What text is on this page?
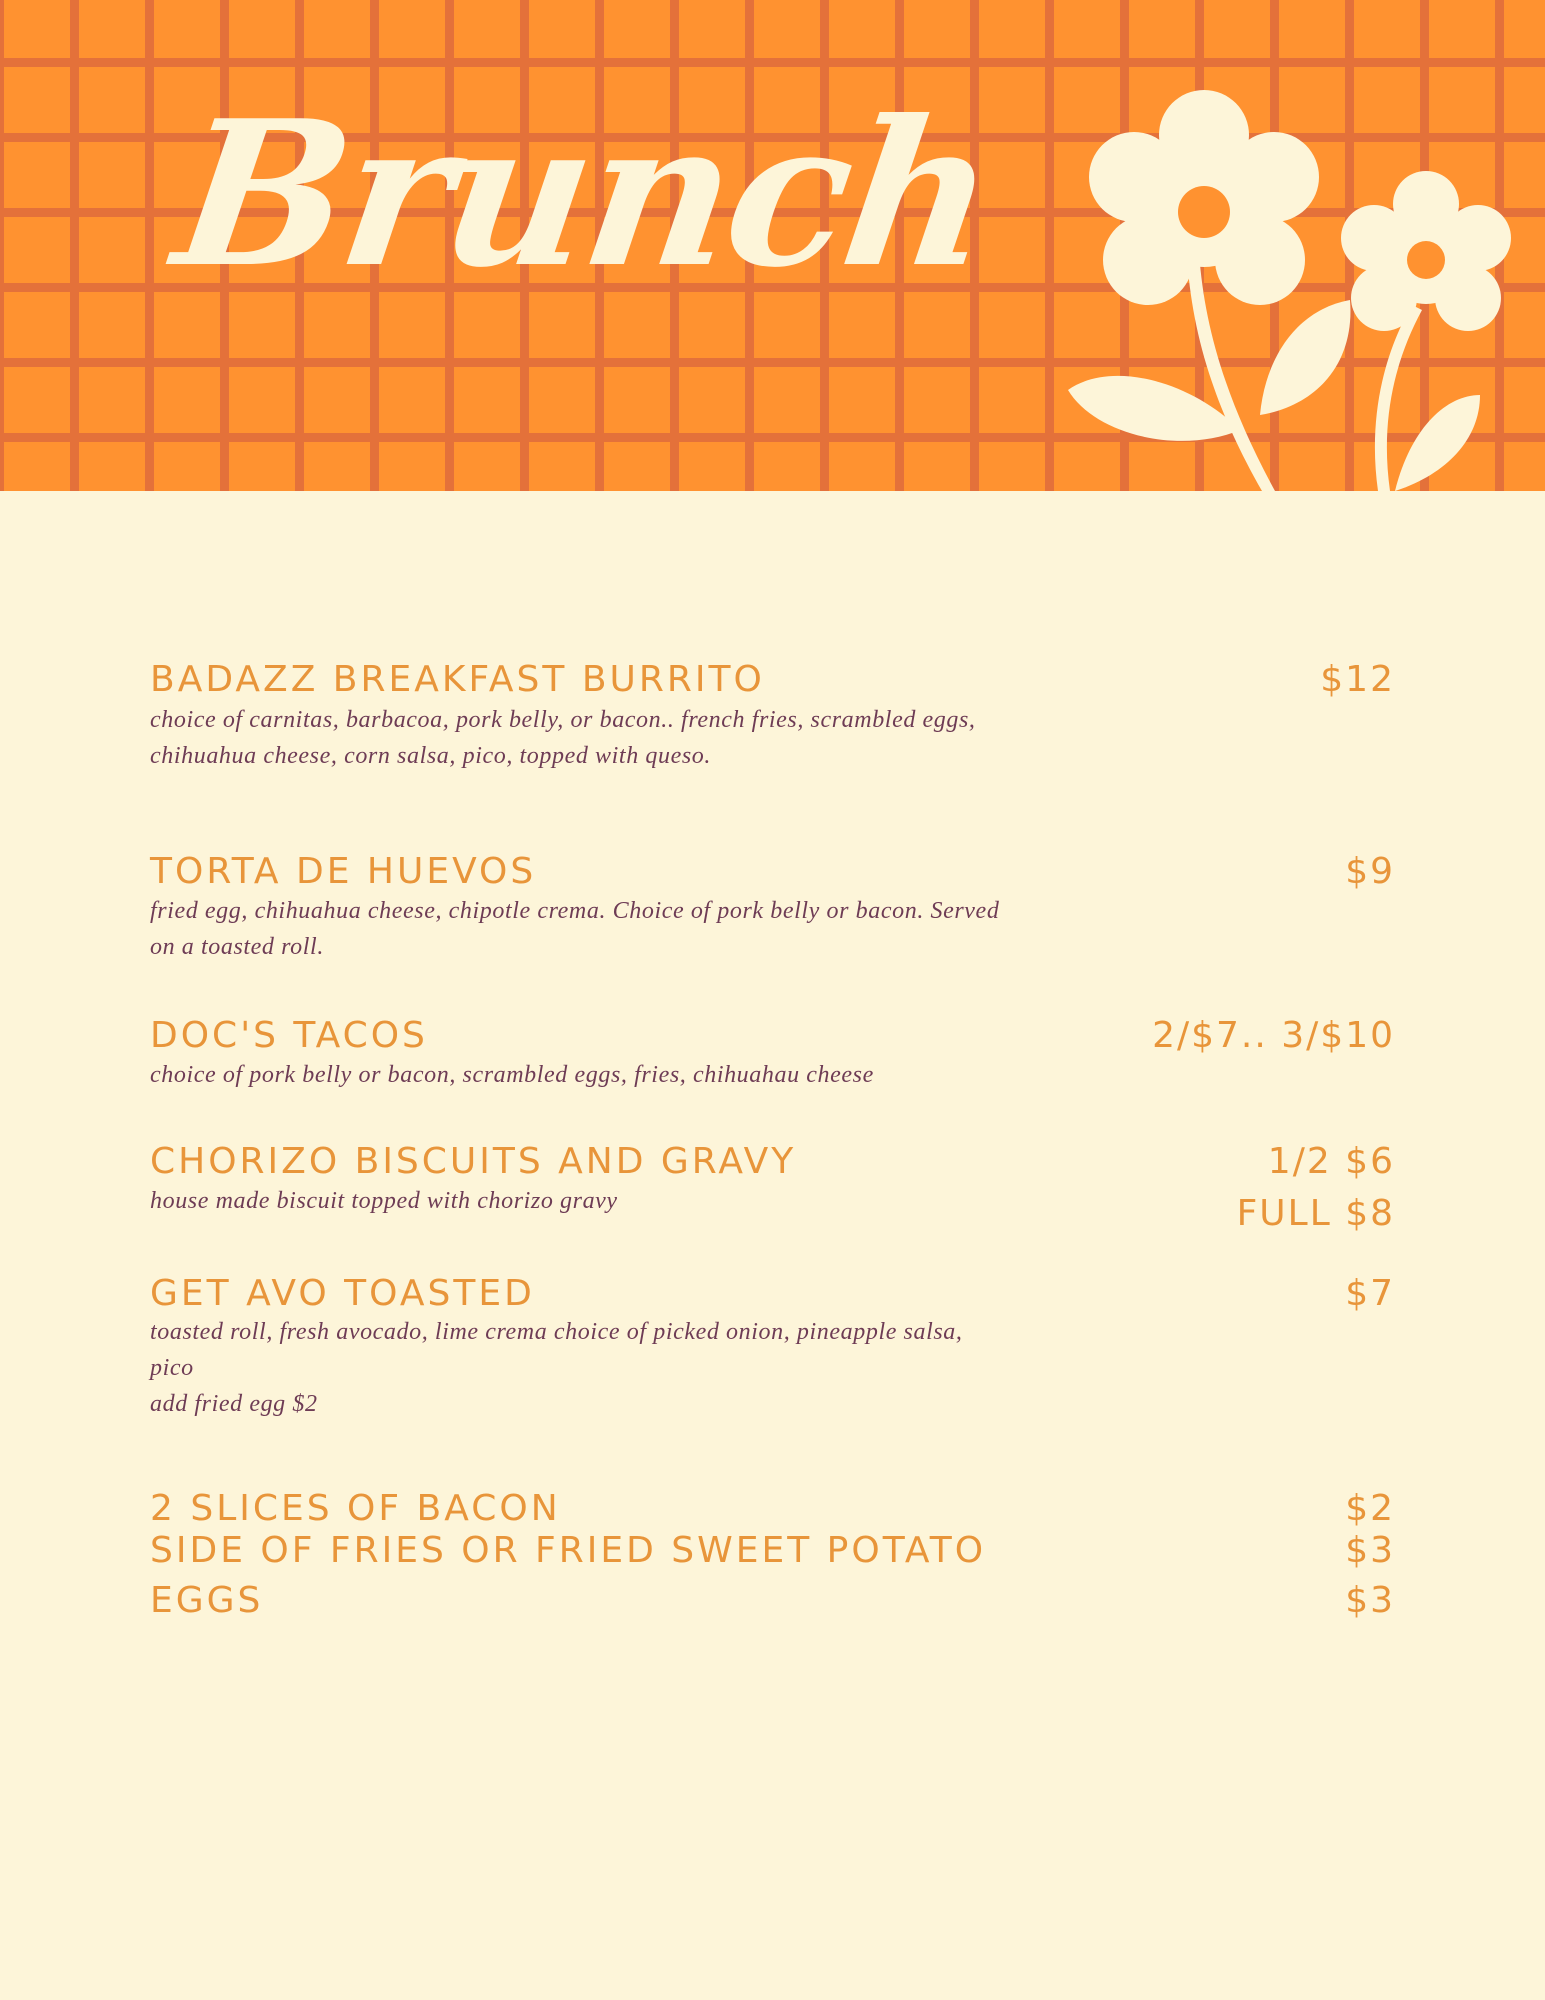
Brunch

BADAZZ BREAKFAST BURRITO	$12

choice of carnitas, barbacoa, pork belly, or bacon.. french fries, scrambled eggs,
chihuahua cheese, corn salsa, pico, topped with queso.

TORTA DE HUEVOS	$9

fried egg, chihuahua cheese, chipotle crema. Choice of pork belly or bacon. Served
on a toasted roll.

DOC'S TACOS	2/$7.. 3/$10

choice of pork belly or bacon, scrambled eggs, fries, chihuahau cheese

CHORIZO BISCUITS AND GRAVY	1/2 $6

FULL $8

house made biscuit topped with chorizo gravy

GET AVO TOASTED	$7

toasted roll, fresh avocado, lime crema choice of picked onion, pineapple salsa,
pico
add fried egg $2

2 SLICES OF BACON	$2

SIDE OF FRIES OR FRIED SWEET POTATO	$3

EGGS	$3
